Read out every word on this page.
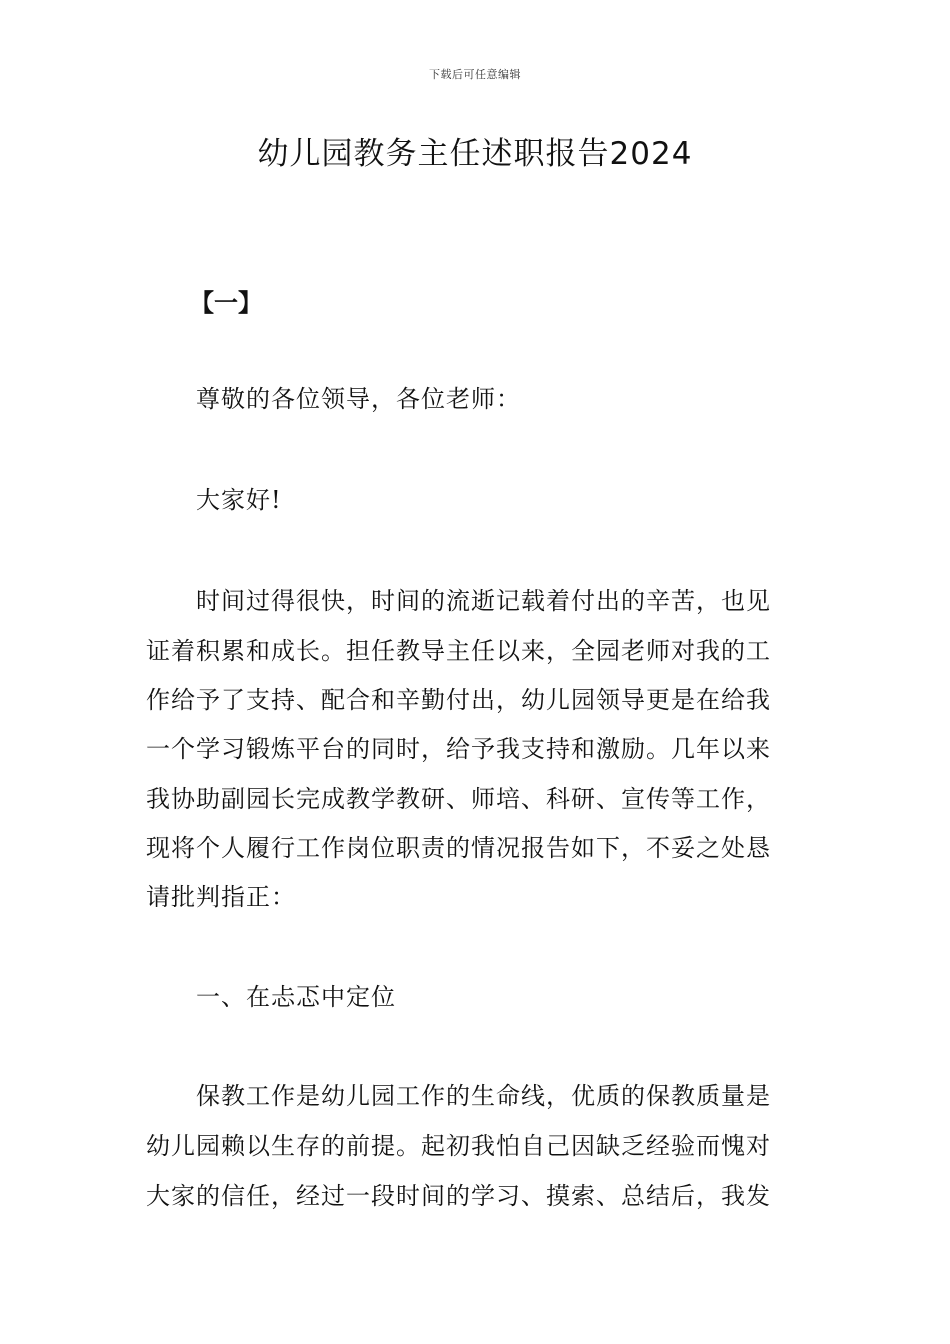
下载后可任意编辑
幼儿园教务主任述职报告2024
【一】
尊敬的各位领导，各位老师：
大家好!
时间过得很快，时间的流逝记载着付出的辛苦，也见
证着积累和成长。担任教导主任以来，全园老师对我的工
作给予了支持、配合和辛勤付出，幼儿园领导更是在给我
一个学习锻炼平台的同时，给予我支持和激励。几年以来
我协助副园长完成教学教研、师培、科研、宣传等工作，
现将个人履行工作岗位职责的情况报告如下，不妥之处恳
请批判指正：
一、在忐忑中定位
保教工作是幼儿园工作的生命线，优质的保教质量是
幼儿园赖以生存的前提。起初我怕自己因缺乏经验而愧对
大家的信任，经过一段时间的学习、摸索、总结后，我发
